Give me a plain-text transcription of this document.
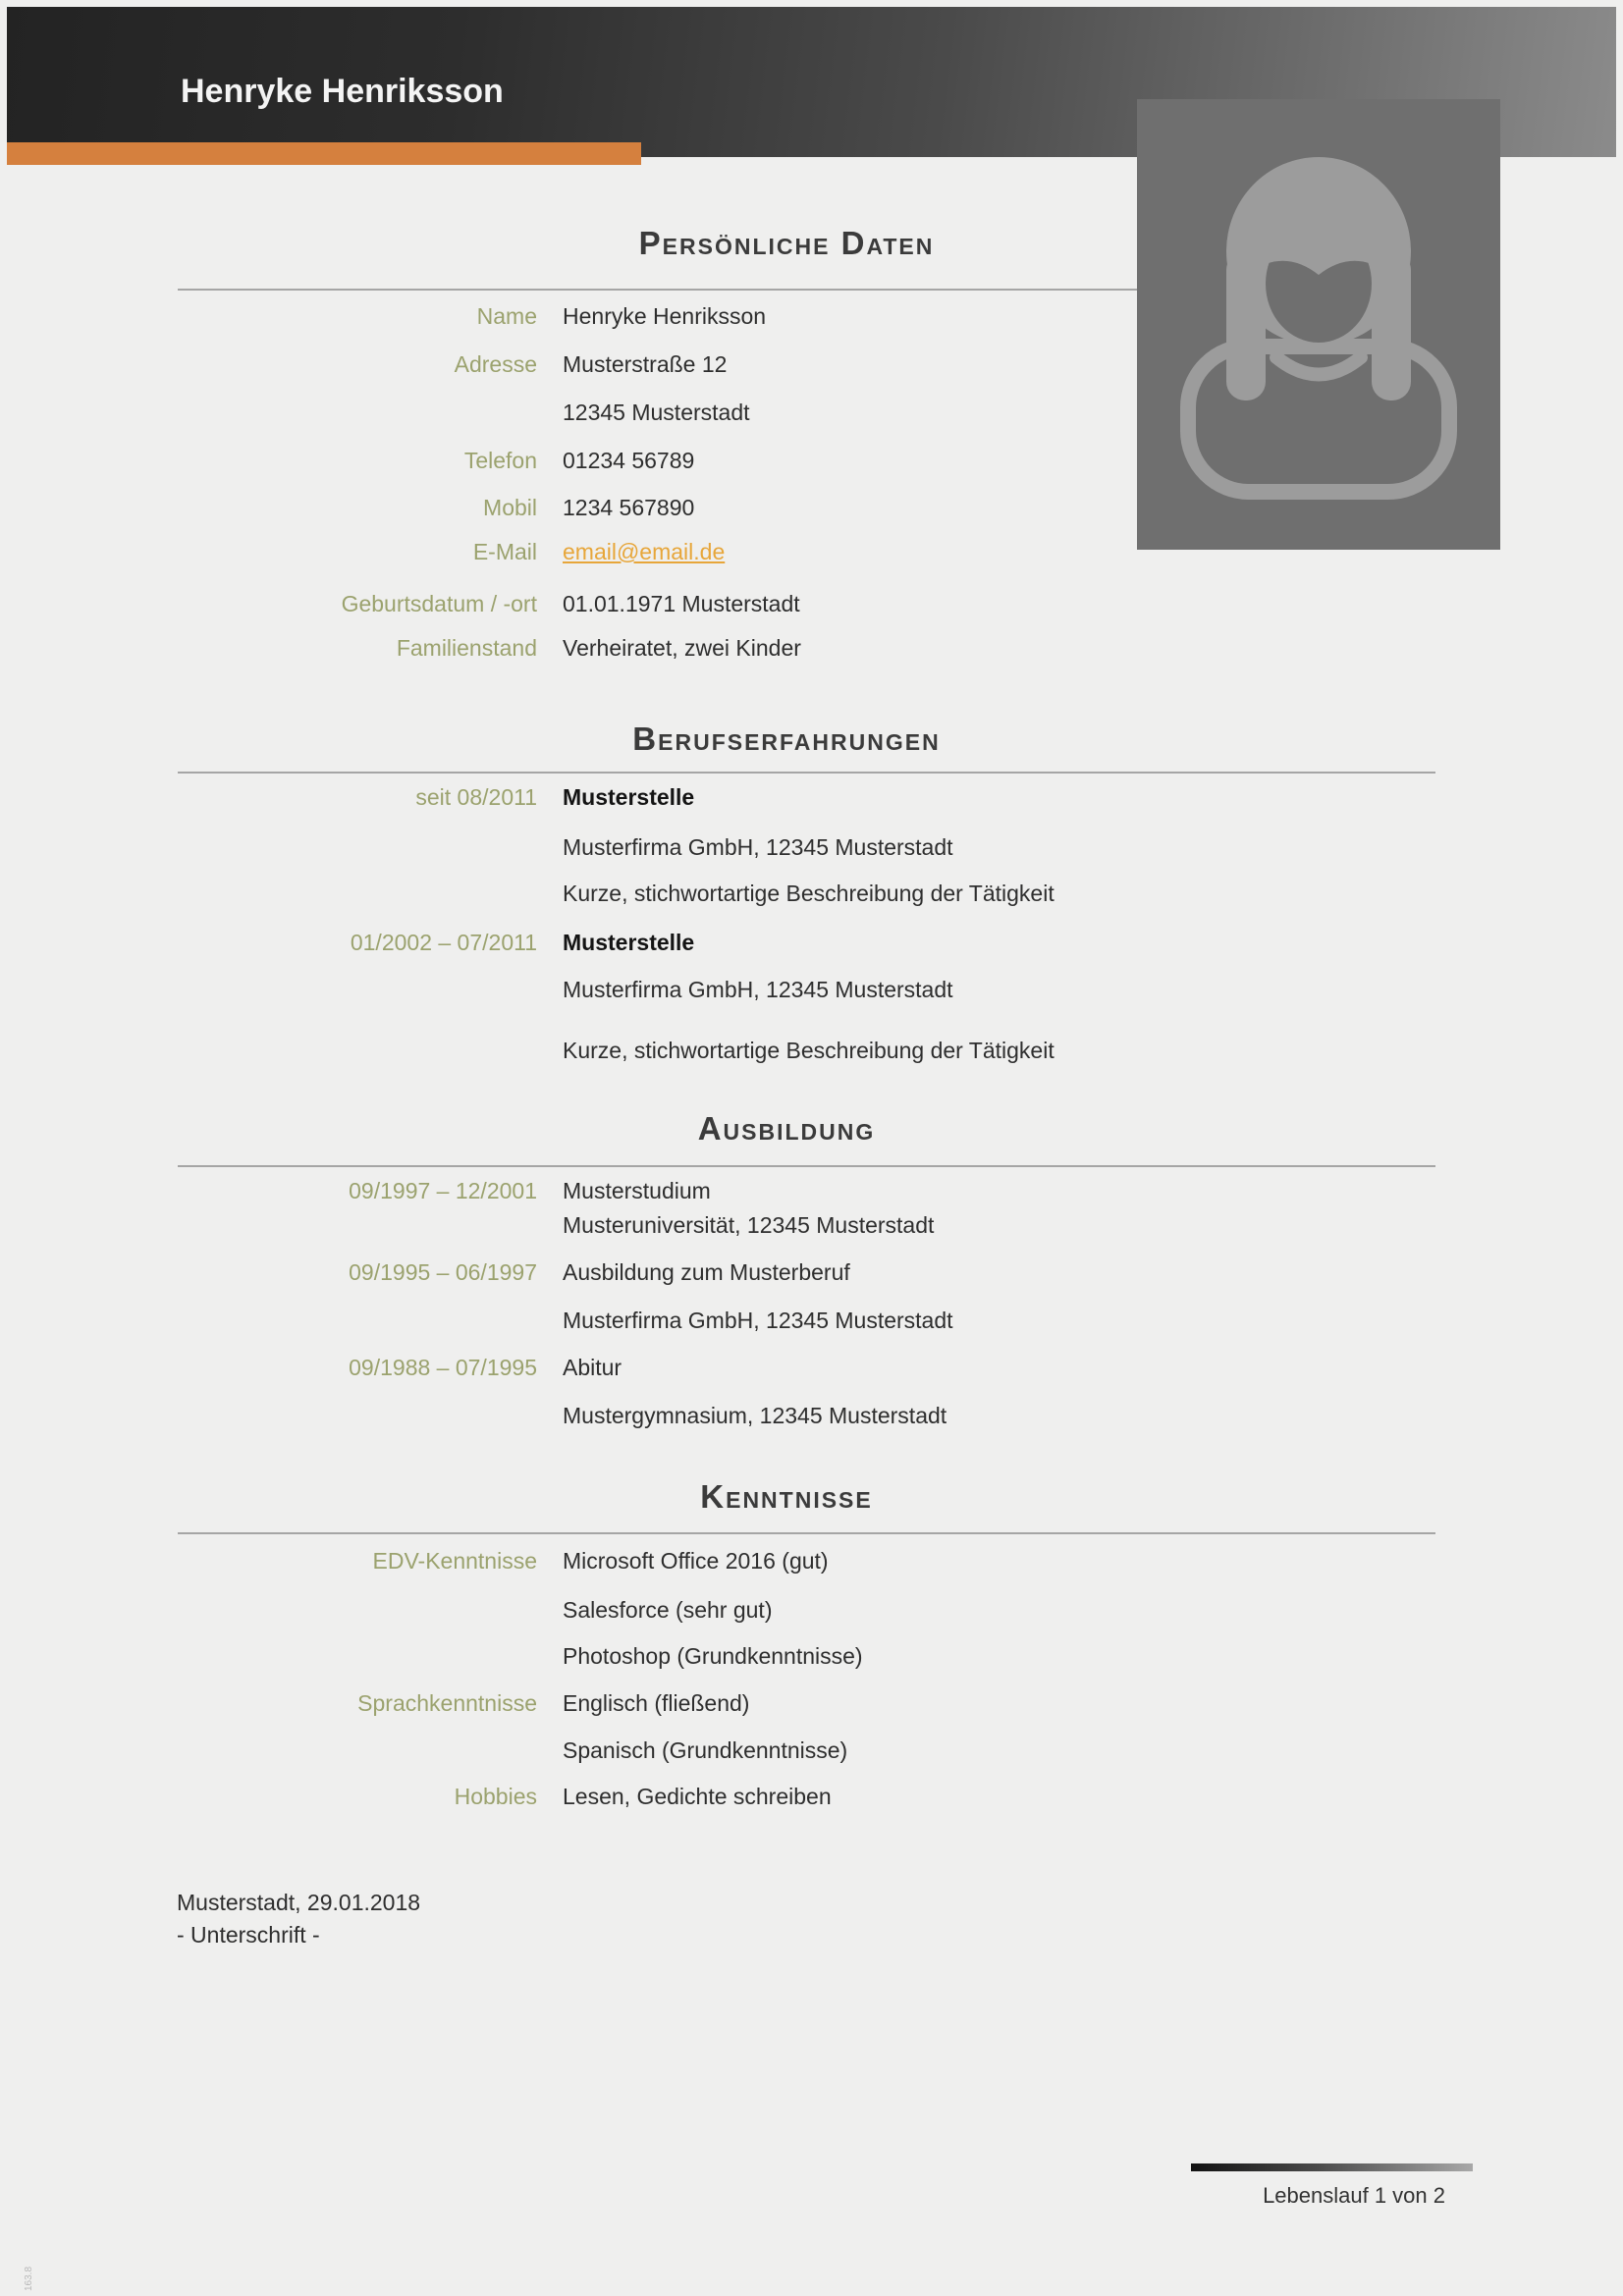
Henryke Henriksson
Persönliche Daten
Name Henryke Henriksson
Adresse Musterstraße 12
12345 Musterstadt
Telefon 01234 56789
Mobil 1234 567890
E-Mail email@email.de
Geburtsdatum / -ort 01.01.1971 Musterstadt
Familienstand Verheiratet, zwei Kinder
Berufserfahrungen
seit 08/2011 Musterstelle
Musterfirma GmbH, 12345 Musterstadt
Kurze, stichwortartige Beschreibung der Tätigkeit
01/2002 – 07/2011 Musterstelle
Musterfirma GmbH, 12345 Musterstadt
Kurze, stichwortartige Beschreibung der Tätigkeit
Ausbildung
09/1997 – 12/2001 Musterstudium
Musteruniversität, 12345 Musterstadt
09/1995 – 06/1997 Ausbildung zum Musterberuf
Musterfirma GmbH, 12345 Musterstadt
09/1988 – 07/1995 Abitur
Mustergymnasium, 12345 Musterstadt
Kenntnisse
EDV-Kenntnisse Microsoft Office 2016 (gut)
Salesforce (sehr gut)
Photoshop (Grundkenntnisse)
Sprachkenntnisse Englisch (fließend)
Spanisch (Grundkenntnisse)
Hobbies Lesen, Gedichte schreiben
Musterstadt, 29.01.2018
- Unterschrift -
Lebenslauf 1 von 2
163.8
